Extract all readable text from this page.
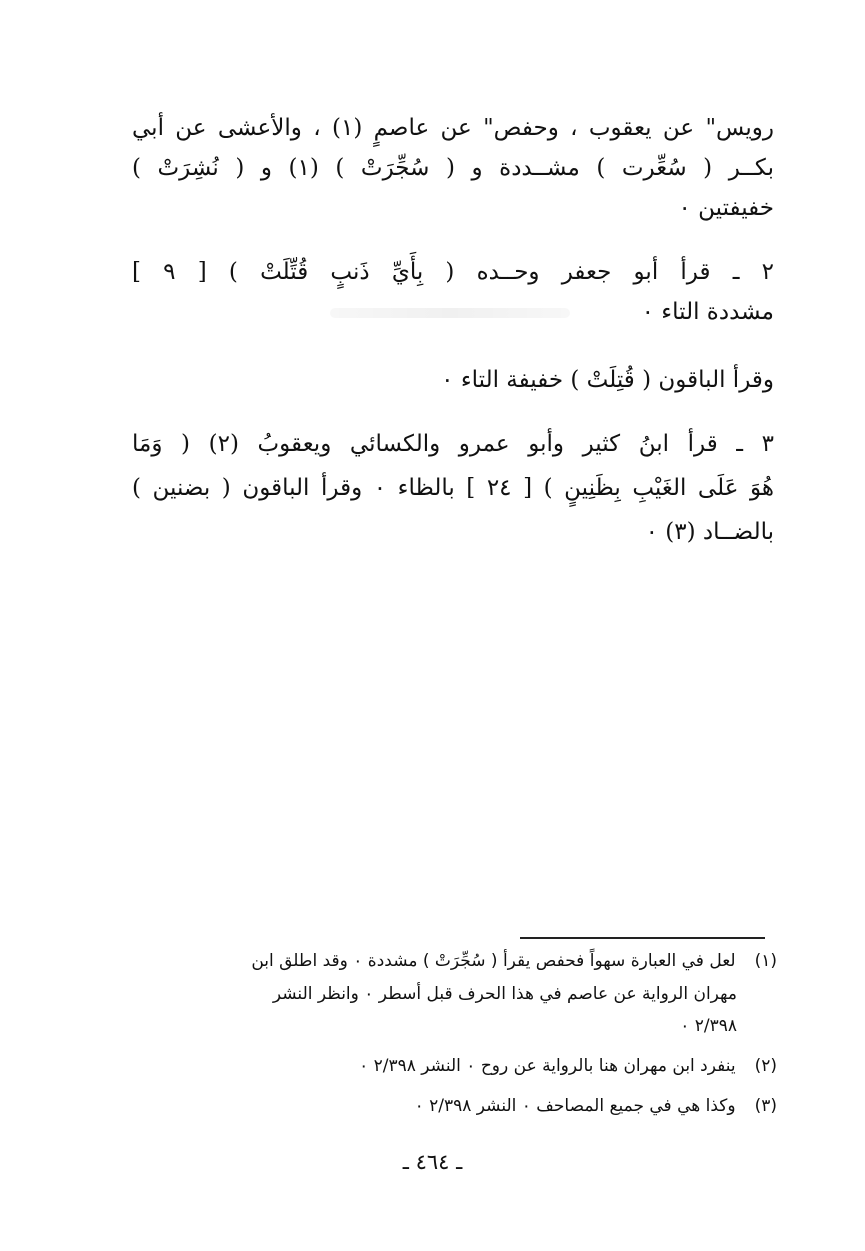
رويس" عن يعقوب ، وحفص" عن عاصمٍ (١) ، والأعشى عن أبي
بكــر ( سُعِّرت ) مشــددة و ( سُجِّرَتْ ) (١) و ( نُشِرَتْ )
خفيفتين ٠
٢ ـ قرأ أبو جعفر وحــده ( بِأَيِّ ذَنبٍ قُتِّلَتْ ) [ ٩ ]
مشددة التاء ٠
وقرأ الباقون ( قُتِلَتْ ) خفيفة التاء ٠
٣ ـ قرأ ابنُ كثير وأبو عمرو والكسائي ويعقوبُ (٢) ( وَمَا
هُوَ عَلَى الغَيْبِ بِظَنِينٍ ) [ ٢٤ ] بالظاء ٠ وقرأ الباقون ( بضنين )
بالضــاد (٣) ٠
(١) لعل في العبارة سهواً فحفص يقرأ ( سُجِّرَتْ ) مشددة ٠ وقد اطلق ابن
مهران الرواية عن عاصم في هذا الحرف قبل أسطر ٠ وانظر النشر
٢/٣٩٨ ٠
(٢) ينفرد ابن مهران هنا بالرواية عن روح ٠ النشر ٢/٣٩٨ ٠
(٣) وكذا هي في جميع المصاحف ٠ النشر ٢/٣٩٨ ٠
ـ ٤٦٤ ـ
